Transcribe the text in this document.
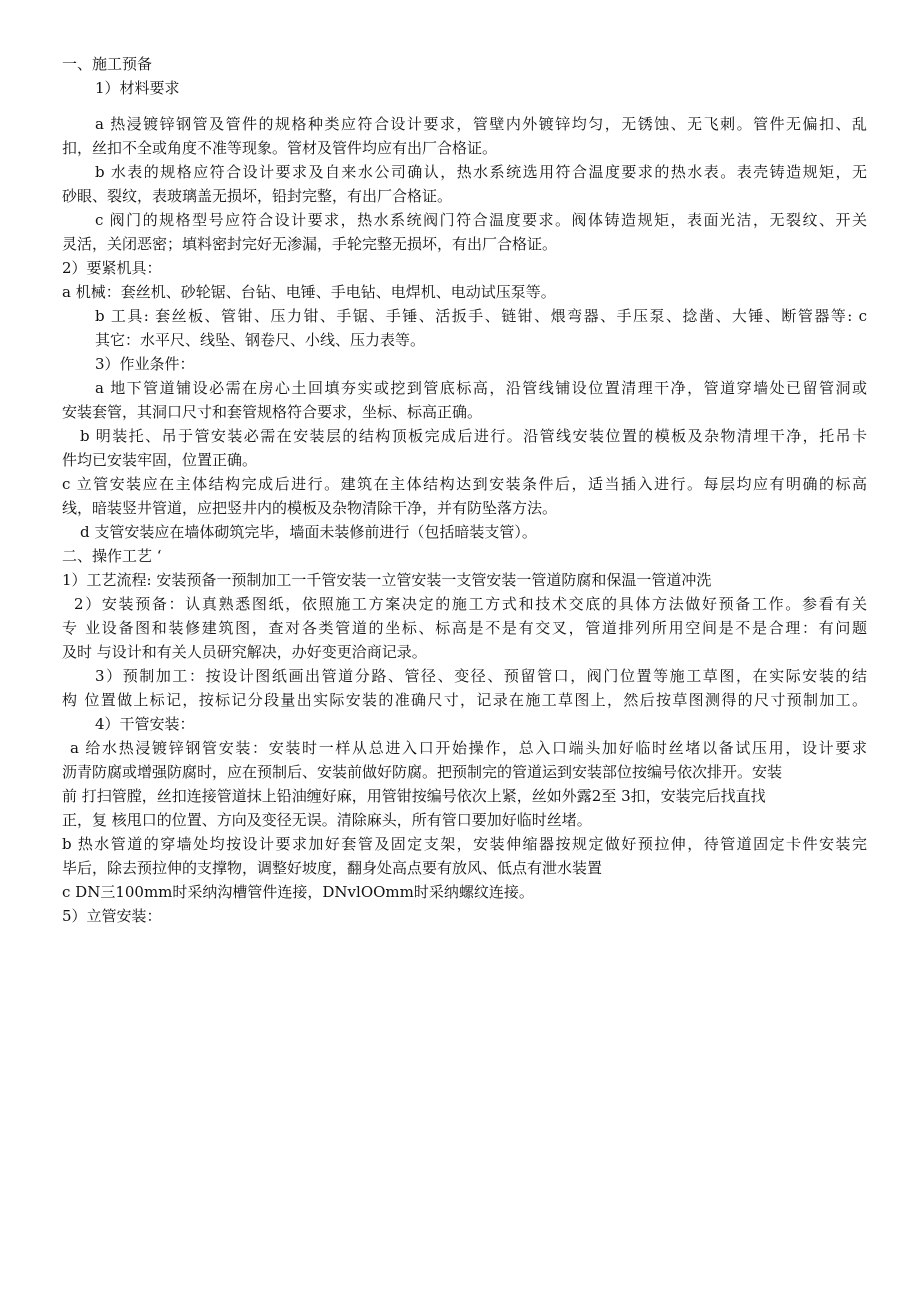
一、施工预备
1）材料要求
a 热浸镀锌钢管及管件的规格种类应符合设计要求，管壁内外镀锌均匀，无锈蚀、无飞刺。管件无偏扣、乱
扣，丝扣不全或角度不准等现象。管材及管件均应有出厂合格证。
b 水表的规格应符合设计要求及自来水公司确认，热水系统选用符合温度要求的热水表。表壳铸造规矩，无
砂眼、裂纹，表玻璃盖无损坏，铅封完整，有出厂合格证。
c 阀门的规格型号应符合设计要求，热水系统阀门符合温度要求。阀体铸造规矩，表面光洁，无裂纹、开关
灵活，关闭恶密；填料密封完好无渗漏，手轮完整无损坏，有出厂合格证。
2）要紧机具：
a 机械：套丝机、砂轮锯、台钻、电锤、手电钻、电焊机、电动试压泵等。
b 工具: 套丝板、管钳、压力钳、手锯、手锤、活扳手、链钳、煨弯器、手压泵、捻凿、大锤、断管器等: c
其它：水平尺、线坠、钢卷尺、小线、压力表等。
3）作业条件：
a 地下管道铺设必需在房心土回填夯实或挖到管底标高，沿管线铺设位置清理干净，管道穿墙处已留管洞或
安装套管，其洞口尺寸和套管规格符合要求，坐标、标高正确。
b 明装托、吊于管安装必需在安装层的结构顶板完成后进行。沿管线安装位置的模板及杂物清埋干净，托吊卡
件均已安装牢固，位置正确。
c 立管安装应在主体结构完成后进行。建筑在主体结构达到安装条件后，适当插入进行。每层均应有明确的标高
线，暗装竖井管道，应把竖井内的模板及杂物清除干净，并有防坠落方法。
d 支管安装应在墙体砌筑完毕，墙面未装修前进行（包括暗装支管）。
二、操作工艺 ‘
1）工艺流程: 安装预备一预制加工一千管安装一立管安装一支管安装一管道防腐和保温一管道冲洗
2）安装预备：认真熟悉图纸，依照施工方案决定的施工方式和技术交底的具体方法做好预备工作。参看有关
专 业设备图和装修建筑图，查对各类管道的坐标、标高是不是有交叉，管道排列所用空间是不是合理：有问题
及时 与设计和有关人员研究解决，办好变更洽商记录。
3）预制加工：按设计图纸画出管道分路、管径、变径、预留管口，阀门位置等施工草图，在实际安装的结
构 位置做上标记，按标记分段量出实际安装的准确尺寸，记录在施工草图上，然后按草图测得的尺寸预制加工。
4）干管安装：
a 给水热浸镀锌钢管安装：安装时一样从总进入口开始操作，总入口端头加好临时丝堵以备试压用，设计要求
沥青防腐或增强防腐时，应在预制后、安装前做好防腐。把预制完的管道运到安装部位按编号依次排开。安装
前 打扫管膛，丝扣连接管道抹上铅油缠好麻，用管钳按编号依次上紧，丝如外露2至 3扣，安装完后找直找
正，复 核甩口的位置、方向及变径无误。清除麻头，所有管口要加好临时丝堵。
b 热水管道的穿墙处均按设计要求加好套管及固定支架，安装伸缩器按规定做好预拉伸，待管道固定卡件安装完
毕后，除去预拉伸的支撑物，调整好坡度，翻身处高点要有放风、低点有泄水装置
c DN三100mm时采纳沟槽管件连接，DNvlOOmm时采纳螺纹连接。
5）立管安装：
